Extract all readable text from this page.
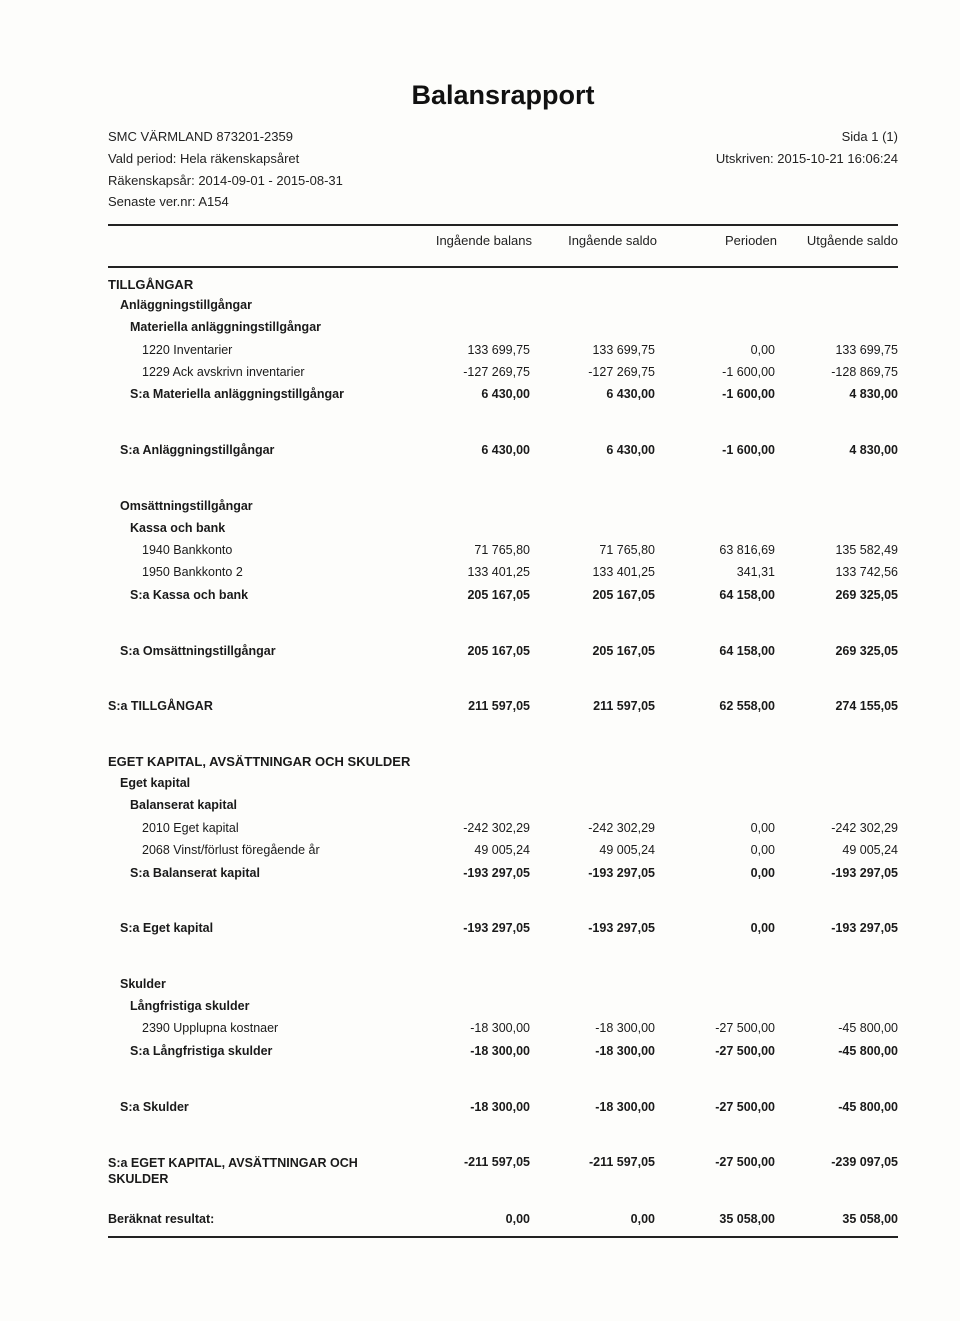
Balansrapport
SMC VÄRMLAND 873201-2359
Vald period: Hela räkenskapsåret
Räkenskapsår: 2014-09-01 - 2015-08-31
Senaste ver.nr: A154
Sida 1 (1)
Utskriven: 2015-10-21 16:06:24
Ingående balans	Ingående saldo	Perioden	Utgående saldo
TILLGÅNGAR
Anläggningstillgångar
Materiella anläggningstillgångar
1220 Inventarier	133 699,75	133 699,75	0,00	133 699,75
1229 Ack avskrivn inventarier	-127 269,75	-127 269,75	-1 600,00	-128 869,75
S:a Materiella anläggningstillgångar	6 430,00	6 430,00	-1 600,00	4 830,00
S:a Anläggningstillgångar	6 430,00	6 430,00	-1 600,00	4 830,00
Omsättningstillgångar
Kassa och bank
1940 Bankkonto	71 765,80	71 765,80	63 816,69	135 582,49
1950 Bankkonto 2	133 401,25	133 401,25	341,31	133 742,56
S:a Kassa och bank	205 167,05	205 167,05	64 158,00	269 325,05
S:a Omsättningstillgångar	205 167,05	205 167,05	64 158,00	269 325,05
S:a TILLGÅNGAR	211 597,05	211 597,05	62 558,00	274 155,05
EGET KAPITAL, AVSÄTTNINGAR OCH SKULDER
Eget kapital
Balanserat kapital
2010 Eget kapital	-242 302,29	-242 302,29	0,00	-242 302,29
2068 Vinst/förlust föregående år	49 005,24	49 005,24	0,00	49 005,24
S:a Balanserat kapital	-193 297,05	-193 297,05	0,00	-193 297,05
S:a Eget kapital	-193 297,05	-193 297,05	0,00	-193 297,05
Skulder
Långfristiga skulder
2390 Upplupna kostnaer	-18 300,00	-18 300,00	-27 500,00	-45 800,00
S:a Långfristiga skulder	-18 300,00	-18 300,00	-27 500,00	-45 800,00
S:a Skulder	-18 300,00	-18 300,00	-27 500,00	-45 800,00
S:a EGET KAPITAL, AVSÄTTNINGAR OCH SKULDER
-211 597,05	-211 597,05	-27 500,00	-239 097,05
Beräknat resultat:	0,00	0,00	35 058,00	35 058,00
